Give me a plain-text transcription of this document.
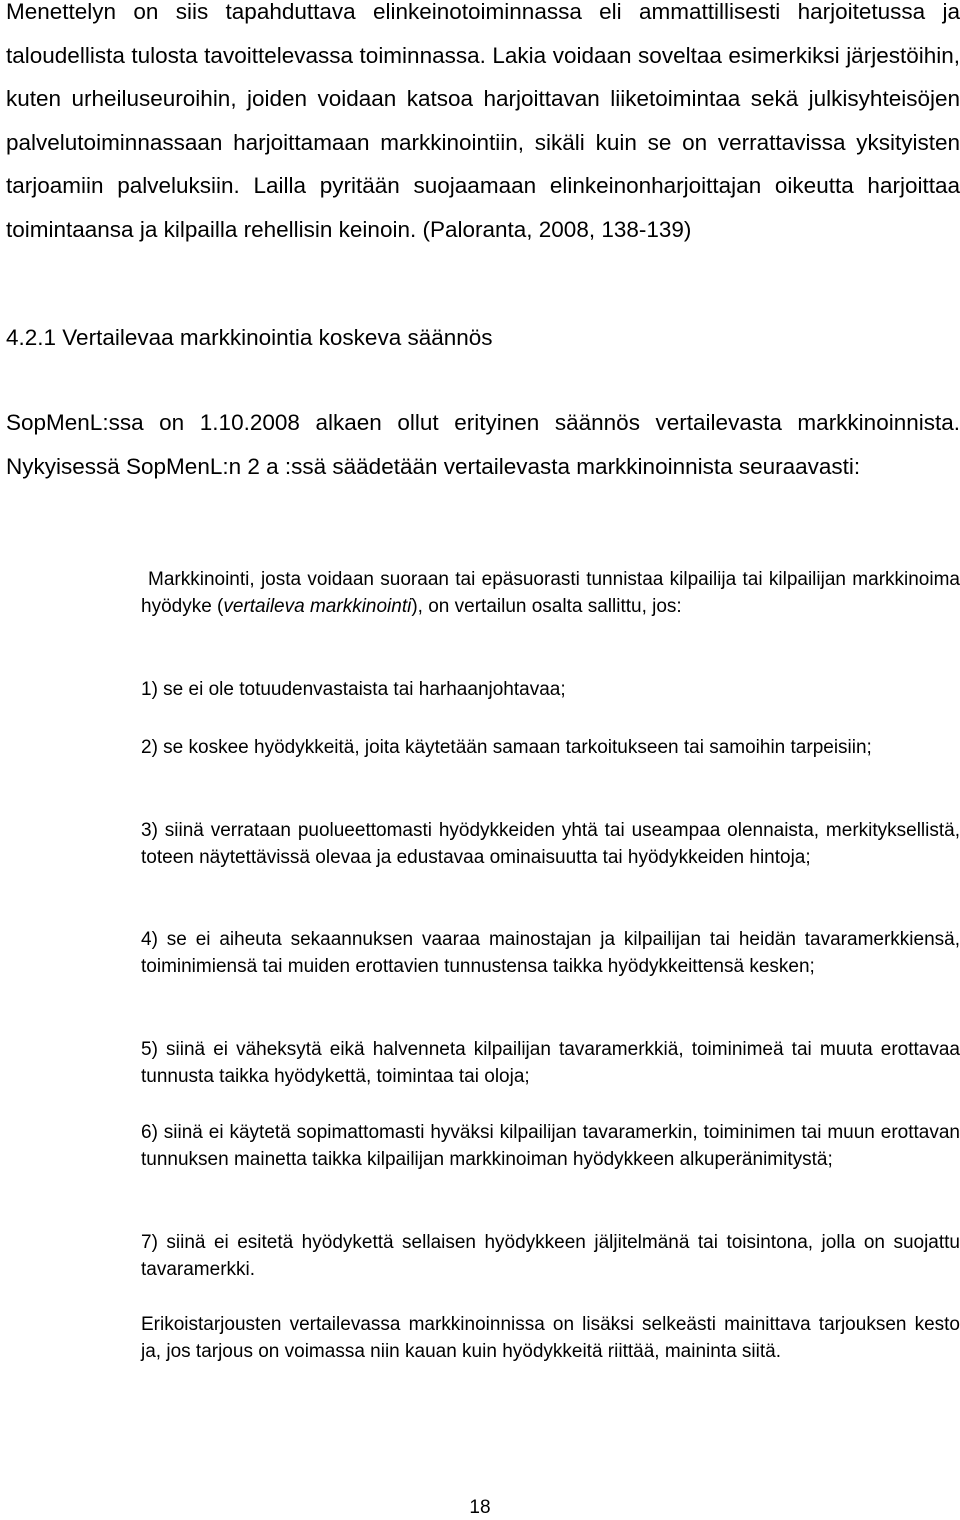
Menettelyn on siis tapahduttava elinkeinotoiminnassa eli ammattillisesti harjoitetussa ja taloudellista tulosta tavoittelevassa toiminnassa. Lakia voidaan soveltaa esimerkiksi järjestöihin, kuten urheiluseuroihin, joiden voidaan katsoa harjoittavan liiketoimintaa sekä julkisyhteisöjen palvelutoiminnassaan harjoittamaan markkinointiin, sikäli kuin se on verrattavissa yksityisten tarjoamiin palveluksiin. Lailla pyritään suojaamaan elinkeinonharjoittajan oikeutta harjoittaa toimintaansa ja kilpailla rehellisin keinoin. (Paloranta, 2008, 138-139)

4.2.1 Vertailevaa markkinointia koskeva säännös

SopMenL:ssa on 1.10.2008 alkaen ollut erityinen säännös vertailevasta markkinoinnista. Nykyisessä SopMenL:n 2 a :ssä säädetään vertailevasta markkinoinnista seuraavasti:

Markkinointi, josta voidaan suoraan tai epäsuorasti tunnistaa kilpailija tai kilpailijan markkinoima hyödyke (vertaileva markkinointi), on vertailun osalta sallittu, jos:

1) se ei ole totuudenvastaista tai harhaanjohtavaa;

2) se koskee hyödykkeitä, joita käytetään samaan tarkoitukseen tai samoihin tarpeisiin;

3) siinä verrataan puolueettomasti hyödykkeiden yhtä tai useampaa olennaista, merkityksellistä, toteen näytettävissä olevaa ja edustavaa ominaisuutta tai hyödykkeiden hintoja;

4) se ei aiheuta sekaannuksen vaaraa mainostajan ja kilpailijan tai heidän tavaramerkkiensä, toiminimiensä tai muiden erottavien tunnustensa taikka hyödykkeittensä kesken;

5) siinä ei väheksytä eikä halvenneta kilpailijan tavaramerkkiä, toiminimeä tai muuta erottavaa tunnusta taikka hyödykettä, toimintaa tai oloja;

6) siinä ei käytetä sopimattomasti hyväksi kilpailijan tavaramerkin, toiminimen tai muun erottavan tunnuksen mainetta taikka kilpailijan markkinoiman hyödykkeen alkuperänimitystä;

7) siinä ei esitetä hyödykettä sellaisen hyödykkeen jäljitelmänä tai toisintona, jolla on suojattu tavaramerkki.

Erikoistarjousten vertailevassa markkinoinnissa on lisäksi selkeästi mainittava tarjouksen kesto ja, jos tarjous on voimassa niin kauan kuin hyödykkeitä riittää, maininta siitä.

18
